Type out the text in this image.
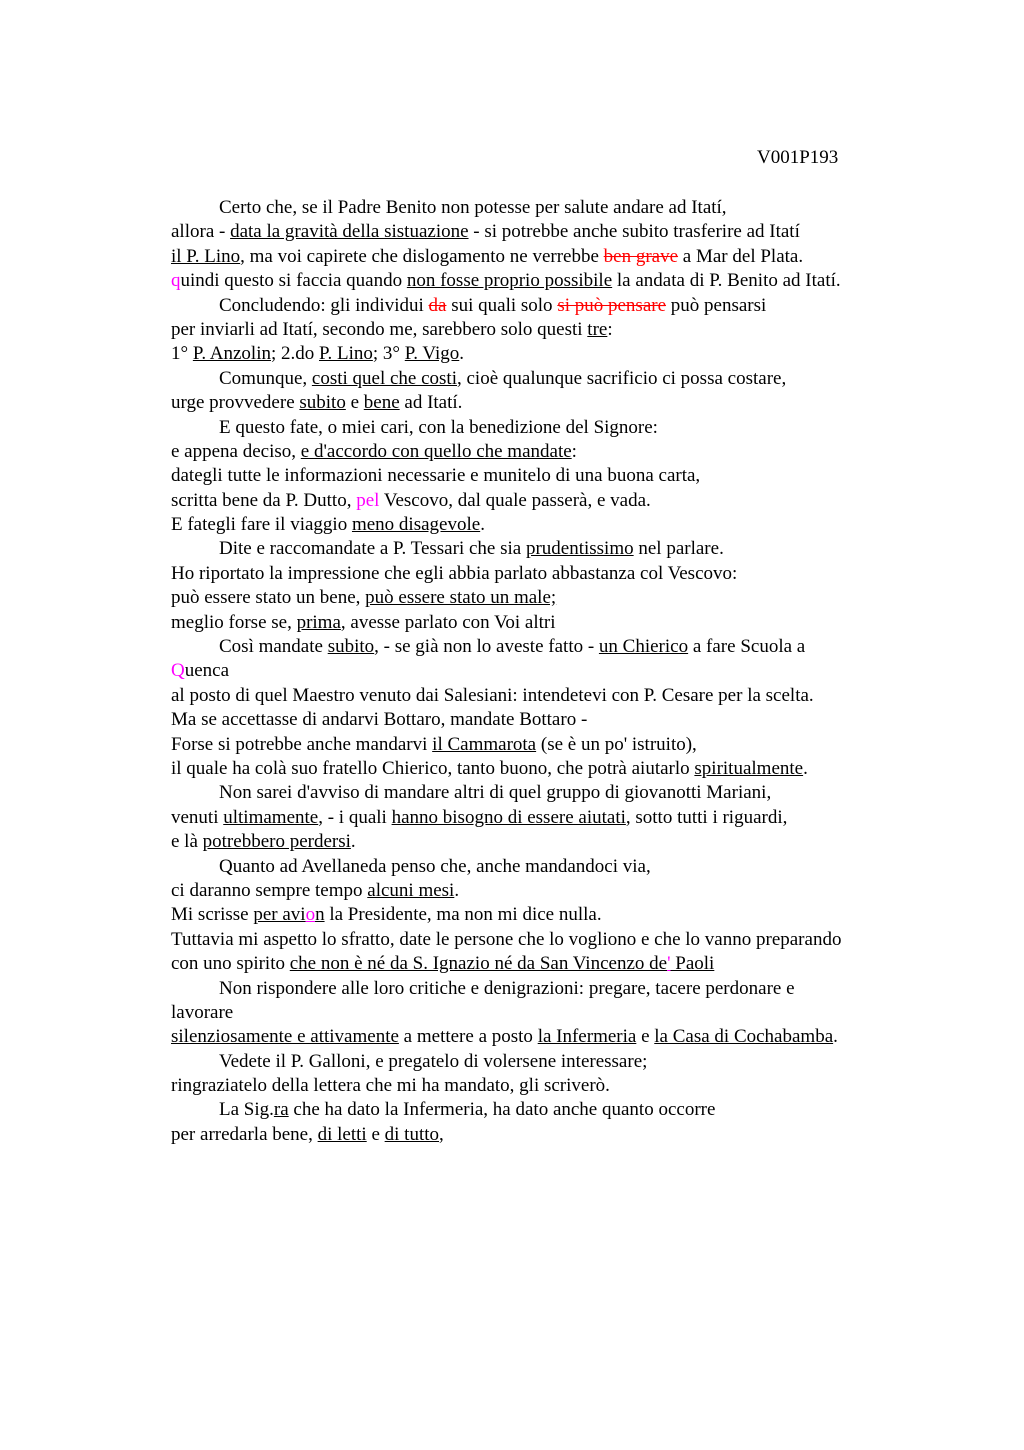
V001P193
Certo che, se il Padre Benito non potesse per salute andare ad Itatí,
allora - data la gravità della sistuazione - si potrebbe anche subito trasferire ad Itatí
il P. Lino, ma voi capirete che dislogamento ne verrebbe ben grave a Mar del Plata.
quindi questo si faccia quando non fosse proprio possibile la andata di P. Benito ad Itatí.
Concludendo: gli individui da sui quali solo si può pensare può pensarsi
per inviarli ad Itatí, secondo me, sarebbero solo questi tre:
1° P. Anzolin; 2.do P. Lino; 3° P. Vigo.
Comunque, costi quel che costi, cioè qualunque sacrificio ci possa costare,
urge provvedere subito e bene ad Itatí.
E questo fate, o miei cari, con la benedizione del Signore:
e appena deciso, e d'accordo con quello che mandate:
dategli tutte le informazioni necessarie e munitelo di una buona carta,
scritta bene da P. Dutto, pel Vescovo, dal quale passerà, e vada.
E fategli fare il viaggio meno disagevole.
Dite e raccomandate a P. Tessari che sia prudentissimo nel parlare.
Ho riportato la impressione che egli abbia parlato abbastanza col Vescovo:
può essere stato un bene, può essere stato un male;
meglio forse se, prima, avesse parlato con Voi altri
Così mandate subito, - se già non lo aveste fatto - un Chierico a fare Scuola a
Quenca
al posto di quel Maestro venuto dai Salesiani: intendetevi con P. Cesare per la scelta.
Ma se accettasse di andarvi Bottaro, mandate Bottaro -
Forse si potrebbe anche mandarvi il Cammarota (se è un po' istruito),
il quale ha colà suo fratello Chierico, tanto buono, che potrà aiutarlo spiritualmente.
Non sarei d'avviso di mandare altri di quel gruppo di giovanotti Mariani,
venuti ultimamente, - i quali hanno bisogno di essere aiutati, sotto tutti i riguardi,
e là potrebbero perdersi.
Quanto ad Avellaneda penso che, anche mandandoci via,
ci daranno sempre tempo alcuni mesi.
Mi scrisse per avion la Presidente, ma non mi dice nulla.
Tuttavia mi aspetto lo sfratto, date le persone che lo vogliono e che lo vanno preparando
con uno spirito che non è né da S. Ignazio né da San Vincenzo de' Paoli
Non rispondere alle loro critiche e denigrazioni: pregare, tacere perdonare e
lavorare
silenziosamente e attivamente a mettere a posto la Infermeria e la Casa di Cochabamba.
Vedete il P. Galloni, e pregatelo di volersene interessare;
ringraziatelo della lettera che mi ha mandato, gli scriverò.
La Sig.ra che ha dato la Infermeria, ha dato anche quanto occorre
per arredarla bene, di letti e di tutto,
